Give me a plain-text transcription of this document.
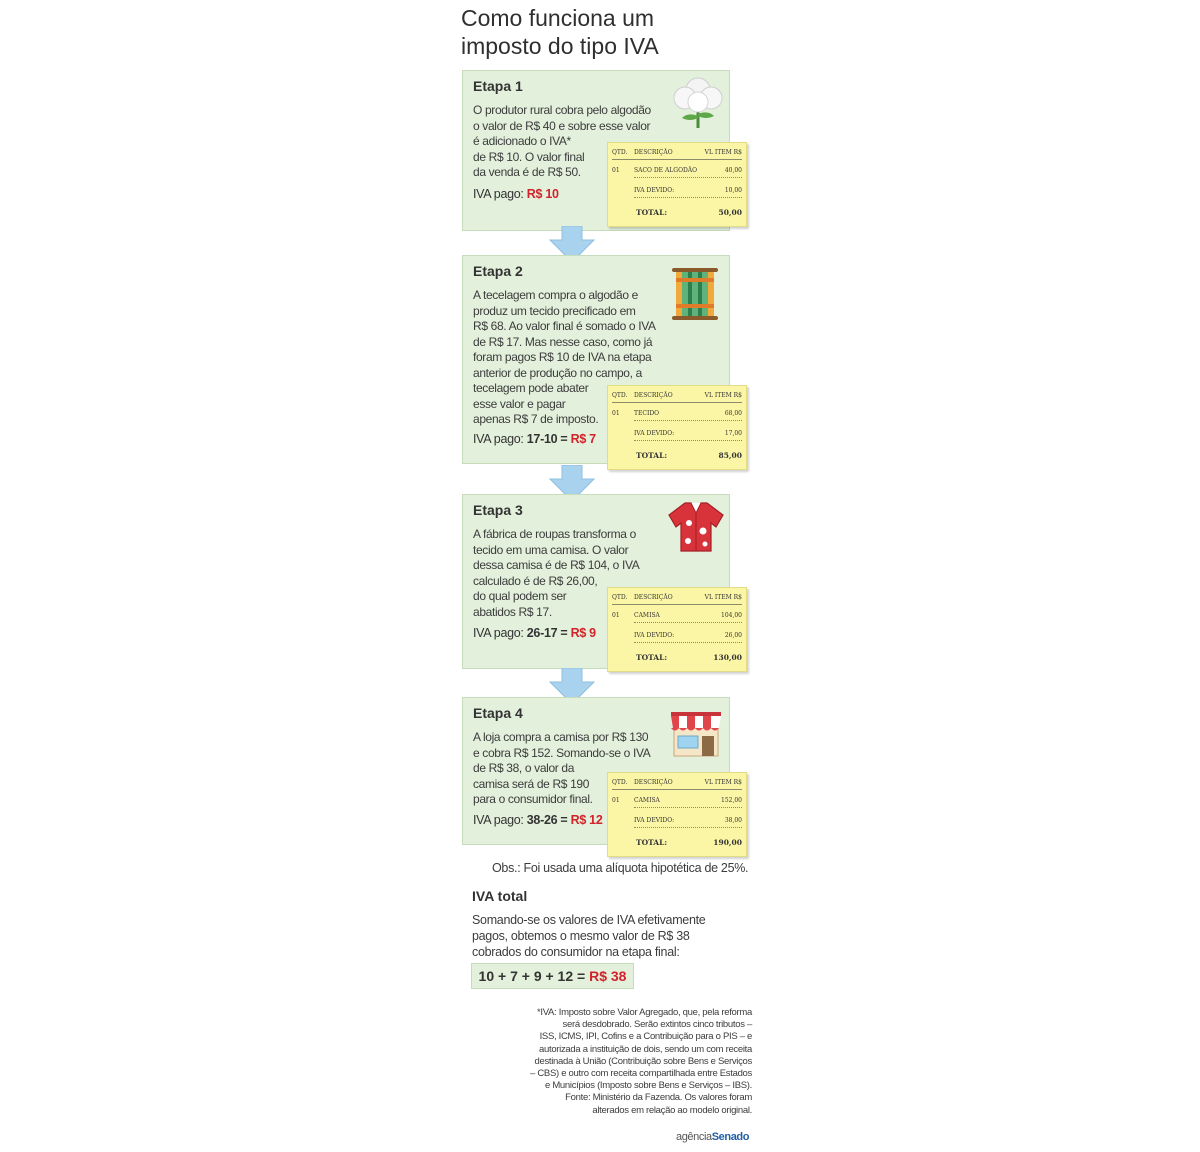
Como funciona um
imposto do tipo IVA
Etapa 1
O produtor rural cobra pelo algodão
o valor de R$ 40 e sobre esse valor
é adicionado o IVA*
de R$ 10. O valor final
da venda é de R$ 50.
IVA pago: R$ 10
QTD. DESCRIÇÃO	VL ITEM R$
01 SACO DE ALGODÃO	40,00
IVA DEVIDO:	10,00
TOTAL:	50,00
Etapa 2
A tecelagem compra o algodão e
produz um tecido precificado em
R$ 68. Ao valor final é somado o IVA
de R$ 17. Mas nesse caso, como já
foram pagos R$ 10 de IVA na etapa
anterior de produção no campo, a
tecelagem pode abater
esse valor e pagar
apenas R$ 7 de imposto.
IVA pago: 17-10 = R$ 7
QTD. DESCRIÇÃO	VL ITEM R$
01 TECIDO	68,00
IVA DEVIDO:	17,00
TOTAL:	85,00
Etapa 3
A fábrica de roupas transforma o
tecido em uma camisa. O valor
dessa camisa é de R$ 104, o IVA
calculado é de R$ 26,00,
do qual podem ser
abatidos R$ 17.
IVA pago: 26-17 = R$ 9
QTD. DESCRIÇÃO	VL ITEM R$
01 CAMISA	104,00
IVA DEVIDO:	26,00
TOTAL:	130,00
Etapa 4
A loja compra a camisa por R$ 130
e cobra R$ 152. Somando-se o IVA
de R$ 38, o valor da
camisa será de R$ 190
para o consumidor final.
IVA pago: 38-26 = R$ 12
QTD. DESCRIÇÃO	VL ITEM R$
01 CAMISA	152,00
IVA DEVIDO:	38,00
TOTAL:	190,00
Obs.: Foi usada uma alíquota hipotética de 25%.
IVA total
Somando-se os valores de IVA efetivamente
pagos, obtemos o mesmo valor de R$ 38
cobrados do consumidor na etapa final:
10 + 7 + 9 + 12 = R$ 38
*IVA: Imposto sobre Valor Agregado, que, pela reforma
será desdobrado. Serão extintos cinco tributos –
ISS, ICMS, IPI, Cofins e a Contribuição para o PIS – e
autorizada a instituição de dois, sendo um com receita
destinada à União (Contribuição sobre Bens e Serviços
– CBS) e outro com receita compartilhada entre Estados
e Municípios (Imposto sobre Bens e Serviços – IBS).
Fonte: Ministério da Fazenda. Os valores foram
alterados em relação ao modelo original.
agênciaSenado
